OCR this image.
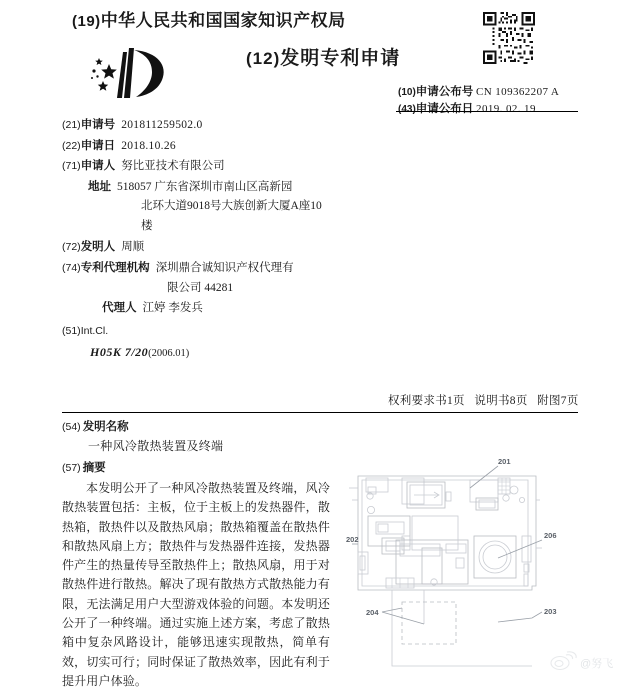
(19)中华人民共和国国家知识产权局
(12)发明专利申请
(10)申请公布号 CN 109362207 A
(43)申请公布日 2019. 02. 19
(21) 申请号 201811259502.0
(22) 申请日 2018.10.26
(71) 申请人 努比亚技术有限公司
地址 518057 广东省深圳市南山区高新园
北环大道9018号大族创新大厦A座10
楼
(72) 发明人 周顺
(74) 专利代理机构 深圳鼎合诚知识产权代理有
限公司 44281
代理人 江婷 李发兵
(51) Int.Cl.
H05K 7/20(2006.01)
权利要求书1页 说明书8页 附图7页
(54) 发明名称
一种风冷散热装置及终端
(57) 摘要
本发明公开了一种风冷散热装置及终端，风冷散热装置包括：主板，位于主板上的发热器件，散热箱，散热件以及散热风扇；散热箱覆盖在散热件和散热风扇上方；散热件与发热器件连接，发热器件产生的热量传导至散热件上；散热风扇，用于对散热件进行散热。解决了现有散热方式散热能力有限，无法满足用户大型游戏体验的问题。本发明还公开了一种终端。通过实施上述方案，考虑了散热箱中复杂风路设计，能够迅速实现散热，简单有效，切实可行；同时保证了散热效率，因此有利于提升用户体验。
201
202
203
204
206
@努飞
